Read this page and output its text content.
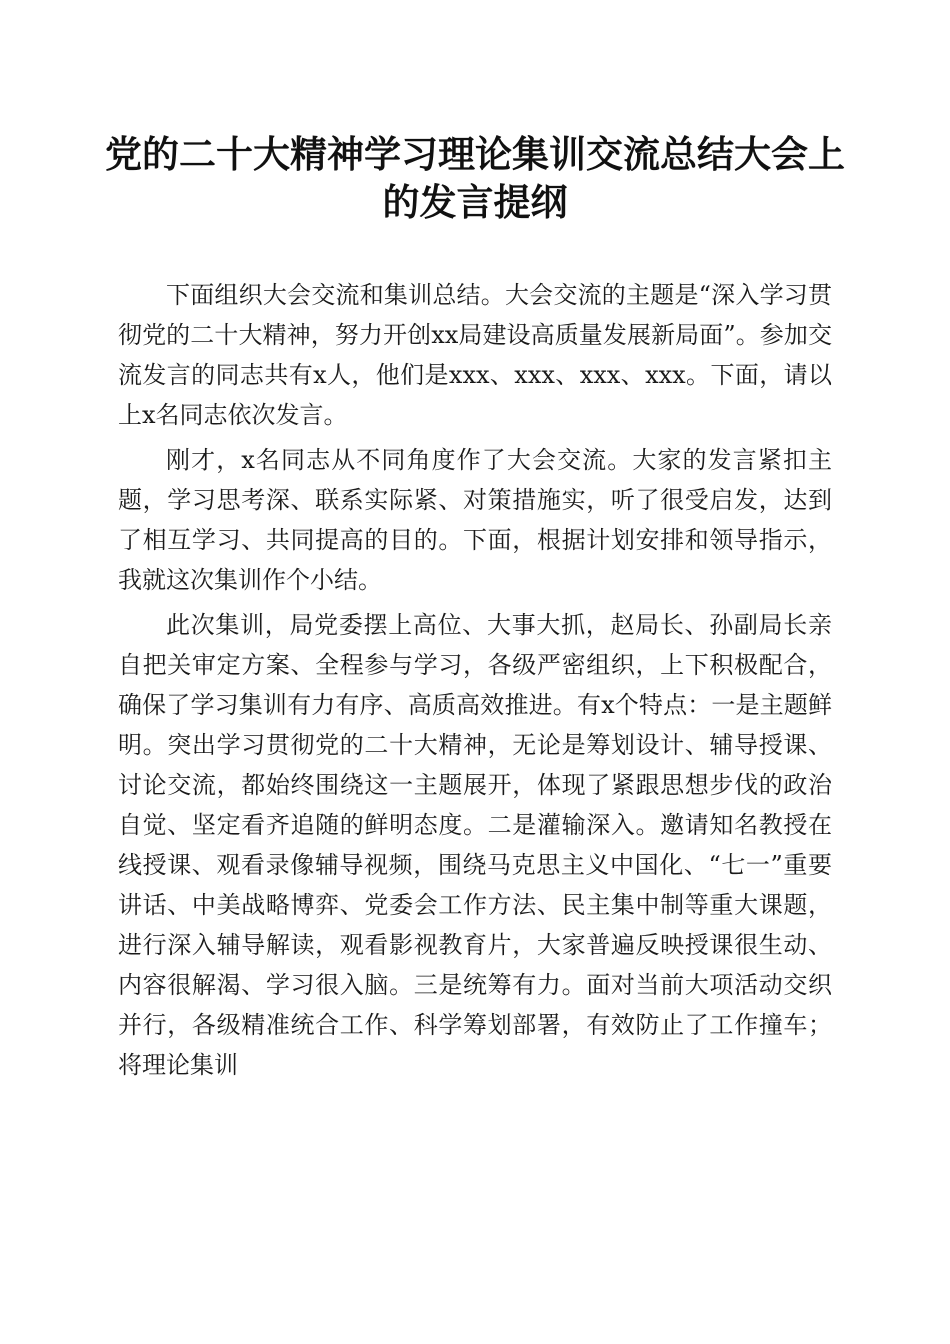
党的二十大精神学习理论集训交流总结大会上
的发言提纲

下面组织大会交流和集训总结。大会交流的主题是“深入学习贯彻党的二十大精神，努力开创xx局建设高质量发展新局面”。参加交流发言的同志共有x人，他们是xxx、xxx、xxx、xxx。下面，请以上x名同志依次发言。

刚才，x名同志从不同角度作了大会交流。大家的发言紧扣主题，学习思考深、联系实际紧、对策措施实，听了很受启发，达到了相互学习、共同提高的目的。下面，根据计划安排和领导指示，我就这次集训作个小结。

此次集训，局党委摆上高位、大事大抓，赵局长、孙副局长亲自把关审定方案、全程参与学习，各级严密组织，上下积极配合，确保了学习集训有力有序、高质高效推进。有x个特点：一是主题鲜明。突出学习贯彻党的二十大精神，无论是筹划设计、辅导授课、讨论交流，都始终围绕这一主题展开，体现了紧跟思想步伐的政治自觉、坚定看齐追随的鲜明态度。二是灌输深入。邀请知名教授在线授课、观看录像辅导视频，围绕马克思主义中国化、“七一”重要讲话、中美战略博弈、党委会工作方法、民主集中制等重大课题，进行深入辅导解读，观看影视教育片，大家普遍反映授课很生动、内容很解渴、学习很入脑。三是统筹有力。面对当前大项活动交织并行，各级精准统合工作、科学筹划部署，有效防止了工作撞车；将理论集训
